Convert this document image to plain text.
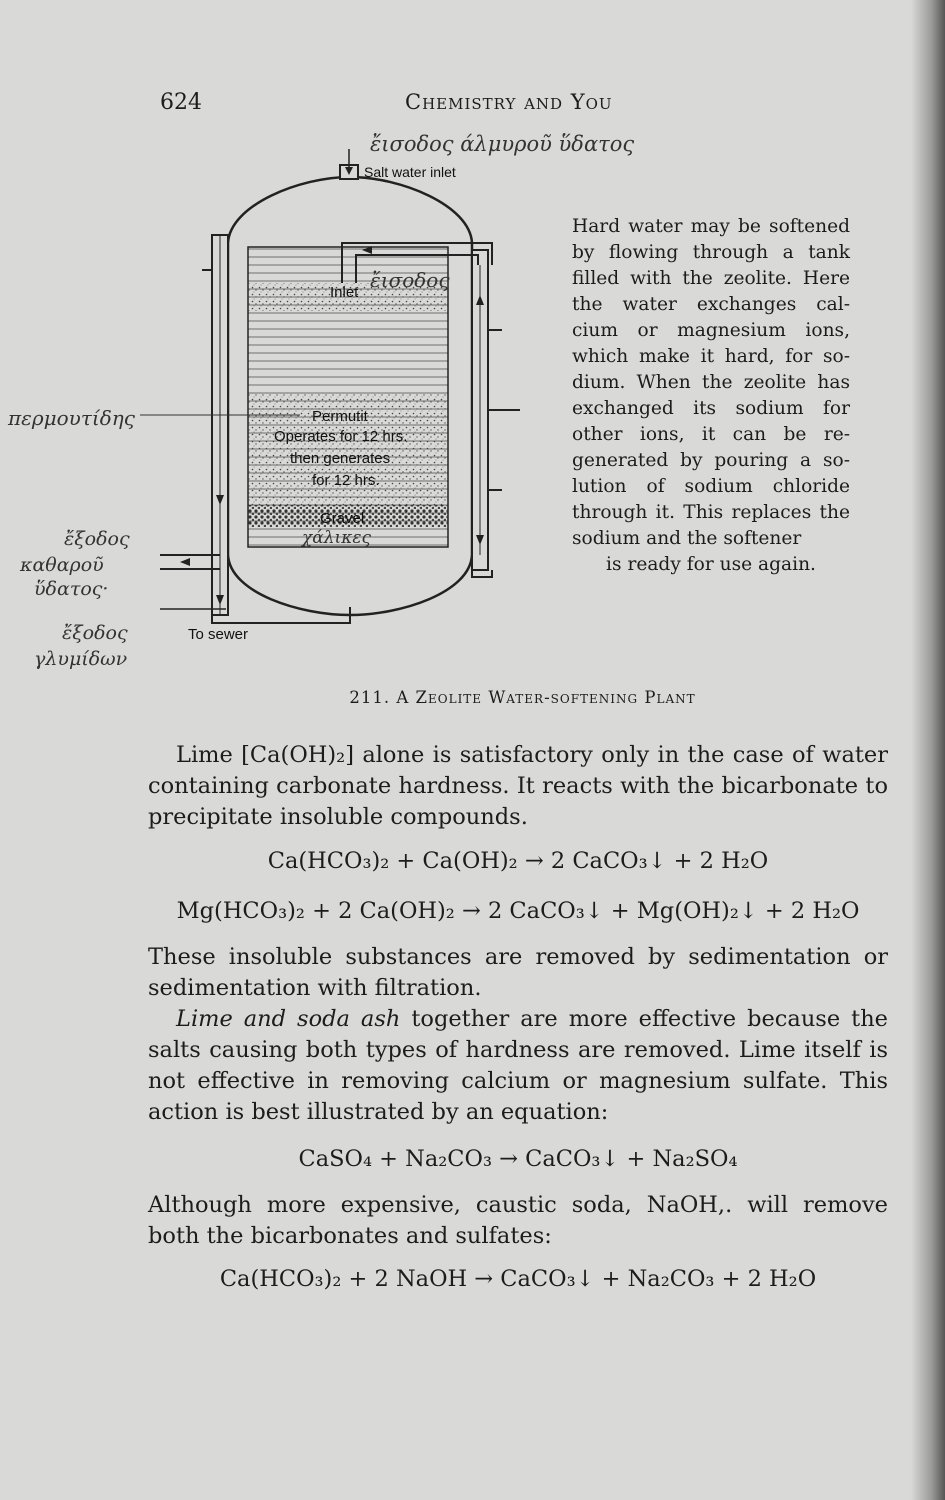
624	Chemistry and You
Salt water inlet
Inlet
Permutit
Operates for 12 hrs.
then generates
for 12 hrs.
Gravel
To sewer
ἔισοδος άλμυροῦ ὕδατος
ἔισοδος
περμουτίδης
χάλικες
ἔξοδος
καθαροῦ
ὕδατος·
ἔξοδος
γλυμίδων
Hard water may be softened by flowing through a tank filled with the zeolite. Here the water exchanges cal- cium or magnesium ions, which make it hard, for so- dium. When the zeolite has exchanged its sodium for other ions, it can be re- generated by pouring a so- lution of sodium chloride through it. This replaces the sodium and the softener
is ready for use again.
211. A Zeolite Water-softening Plant
Lime [Ca(OH)₂] alone is satisfactory only in the case of water containing carbonate hardness. It reacts with the bicarbonate to precipitate insoluble compounds.
Ca(HCO₃)₂ + Ca(OH)₂ → 2 CaCO₃↓ + 2 H₂O
Mg(HCO₃)₂ + 2 Ca(OH)₂ → 2 CaCO₃↓ + Mg(OH)₂↓ + 2 H₂O
These insoluble substances are removed by sedimentation or sedimentation with filtration.
Lime and soda ash together are more effective because the salts causing both types of hardness are removed. Lime itself is not effective in removing calcium or magnesium sulfate. This action is best illustrated by an equation:
CaSO₄ + Na₂CO₃ → CaCO₃↓ + Na₂SO₄
Although more expensive, caustic soda, NaOH,. will remove both the bicarbonates and sulfates:
Ca(HCO₃)₂ + 2 NaOH → CaCO₃↓ + Na₂CO₃ + 2 H₂O
